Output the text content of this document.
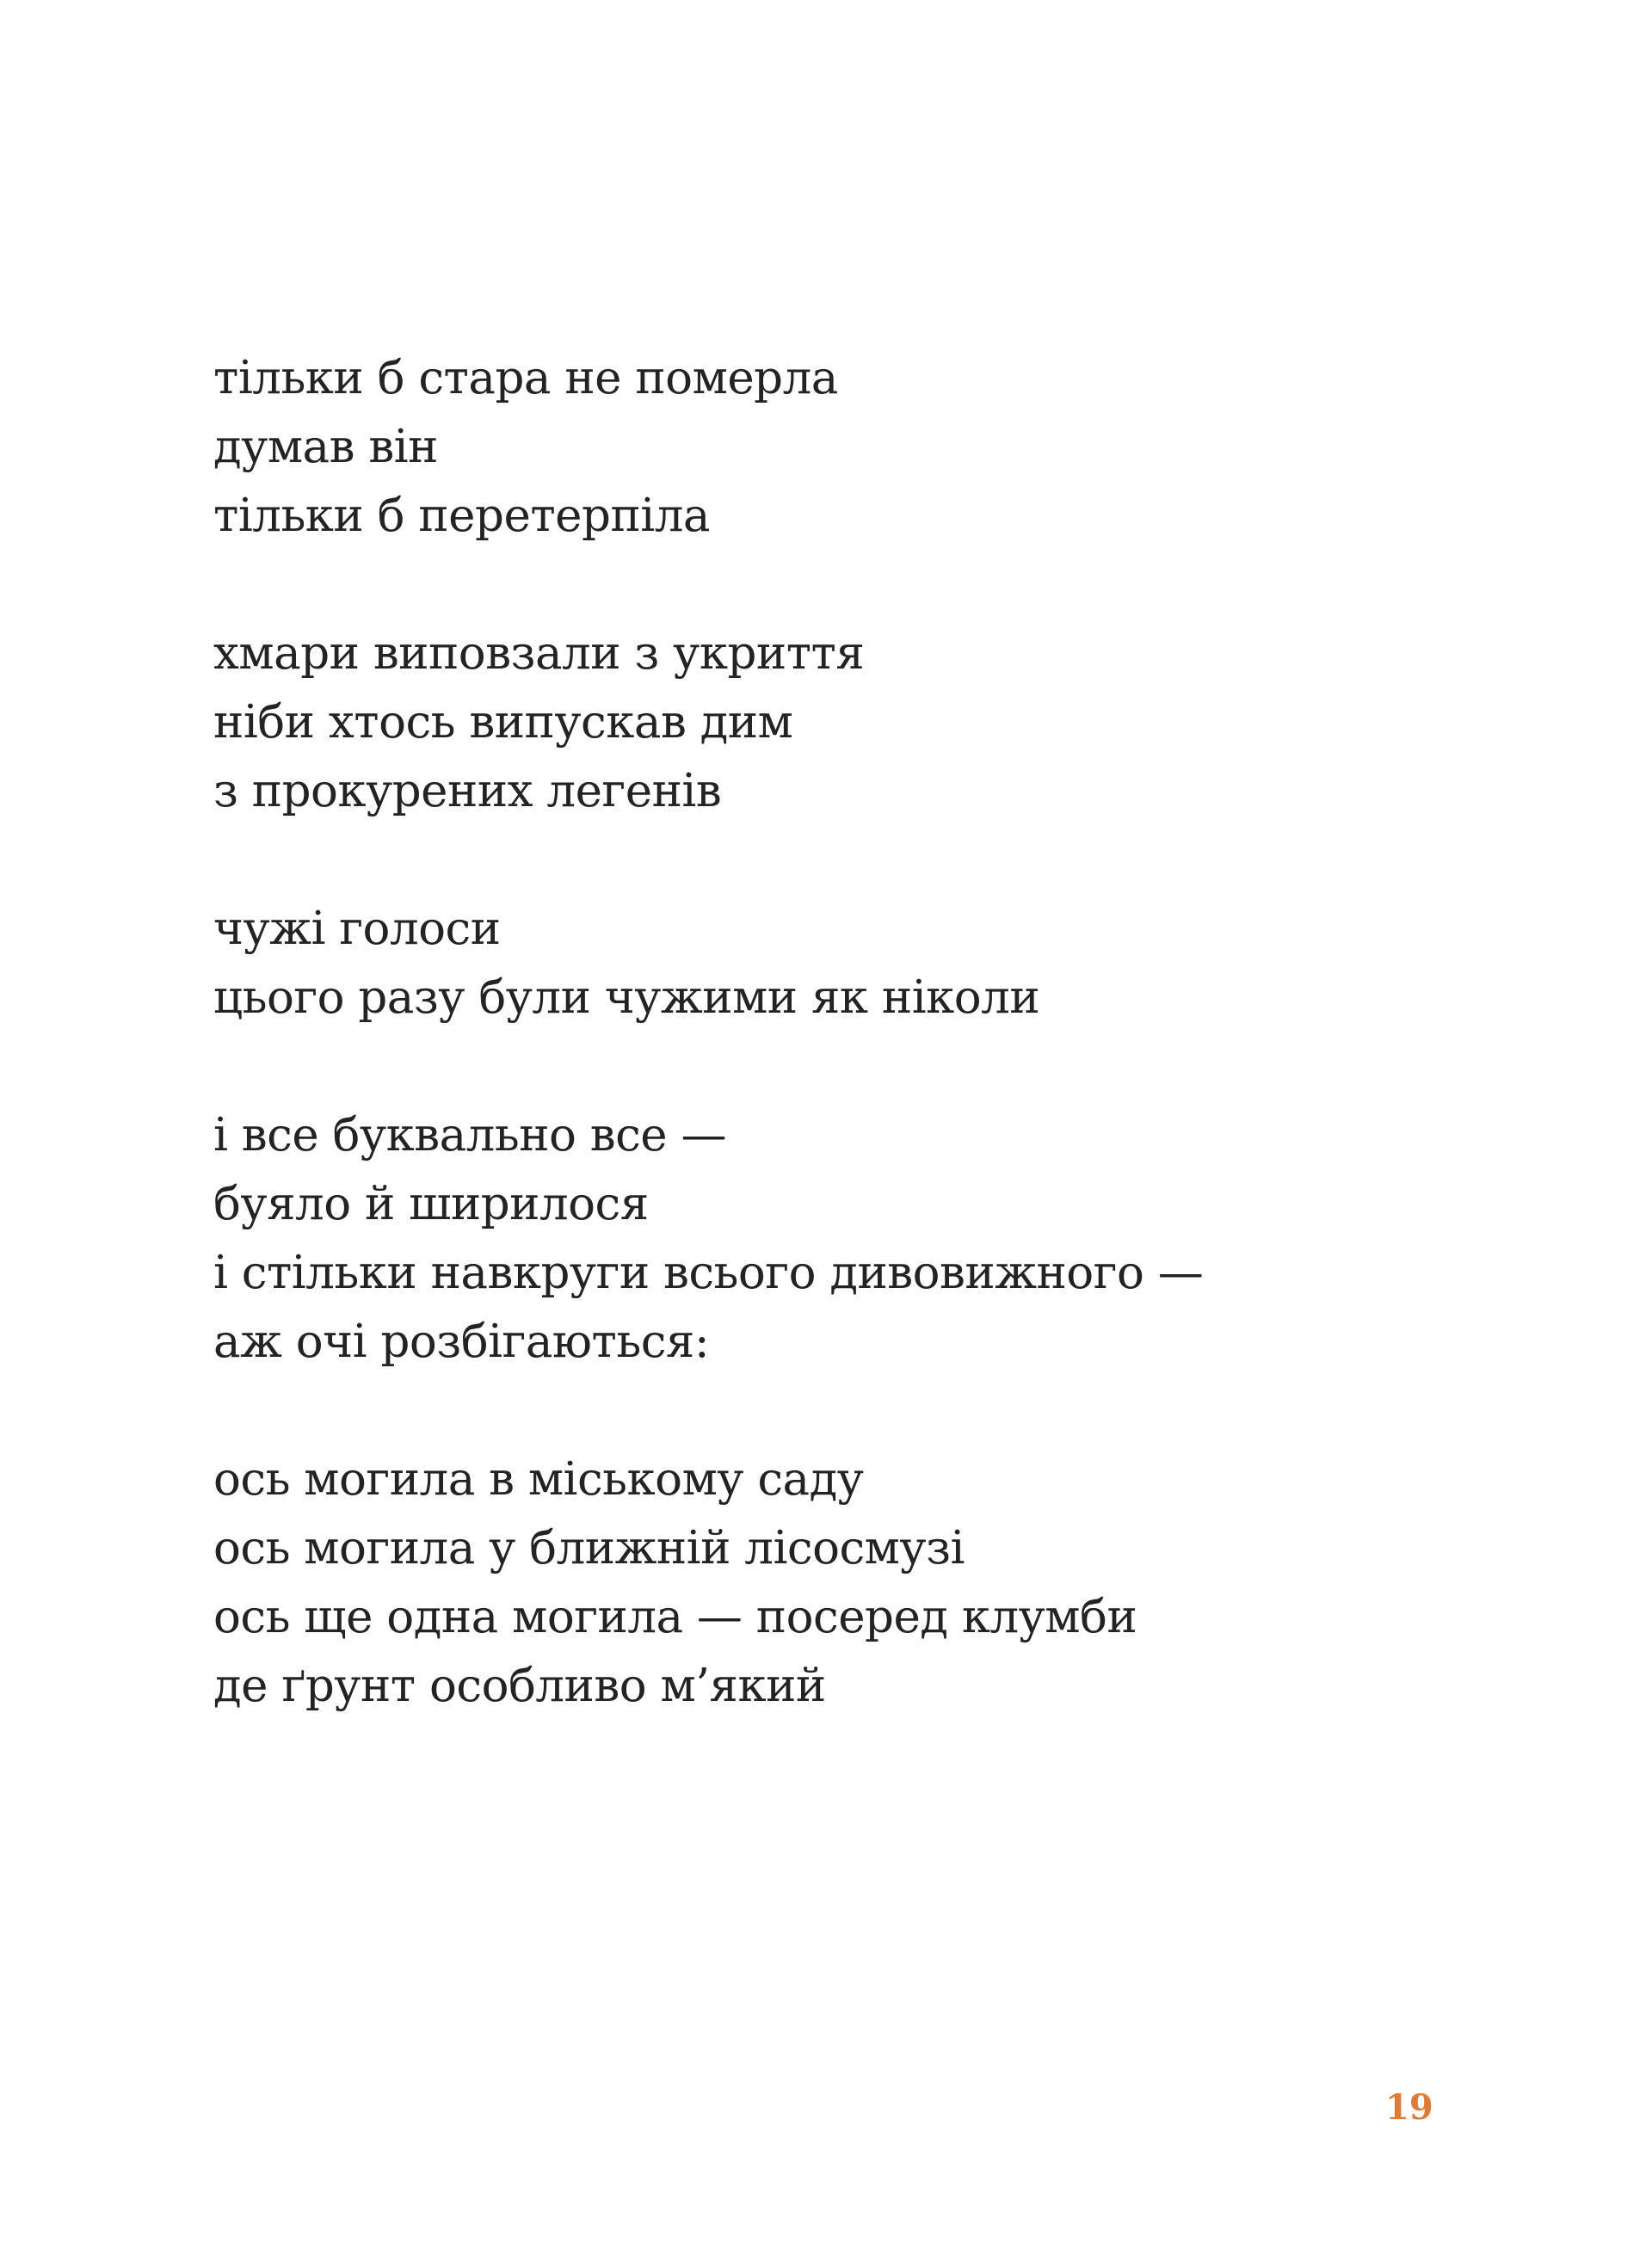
тільки б стара не померла
думав він
тільки б перетерпіла
хмари виповзали з укриття
ніби хтось випускав дим
з прокурених легенів
чужі голоси
цього разу були чужими як ніколи
і все буквально все —
буяло й ширилося
і стільки навкруги всього дивовижного —
аж очі розбігаються:
ось могила в міському саду
ось могила у ближній лісосмузі
ось ще одна могила — посеред клумби
де ґрунт особливо м’який
19
